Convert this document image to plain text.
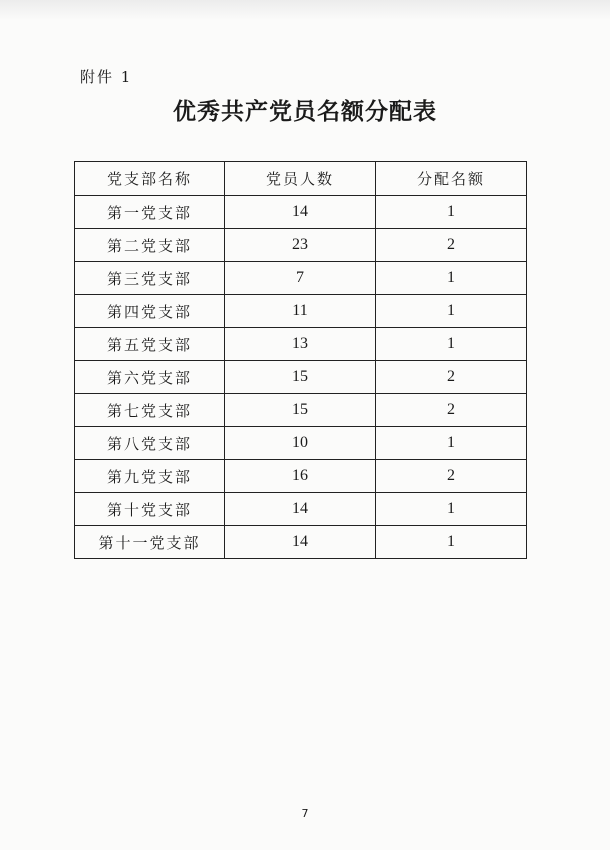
附件 1
优秀共产党员名额分配表
党支部名称	党员人数	分配名额
第一党支部	14	1
第二党支部	23	2
第三党支部	7	1
第四党支部	11	1
第五党支部	13	1
第六党支部	15	2
第七党支部	15	2
第八党支部	10	1
第九党支部	16	2
第十党支部	14	1
第十一党支部	14	1
7
